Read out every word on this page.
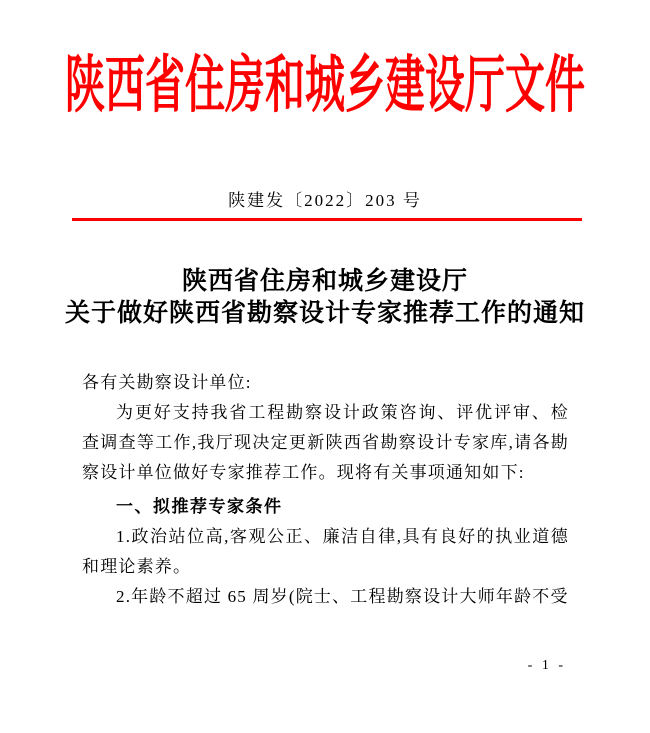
陕西省住房和城乡建设厅文件
陕建发〔2022〕203 号
陕西省住房和城乡建设厅
关于做好陕西省勘察设计专家推荐工作的通知

各有关勘察设计单位:

为更好支持我省工程勘察设计政策咨询、评优评审、检查调查等工作,我厅现决定更新陕西省勘察设计专家库,请各勘察设计单位做好专家推荐工作。现将有关事项通知如下:

一、拟推荐专家条件

1.政治站位高,客观公正、廉洁自律,具有良好的执业道德和理论素养。

2.年龄不超过 65 周岁(院士、工程勘察设计大师年龄不受

- 1 -
